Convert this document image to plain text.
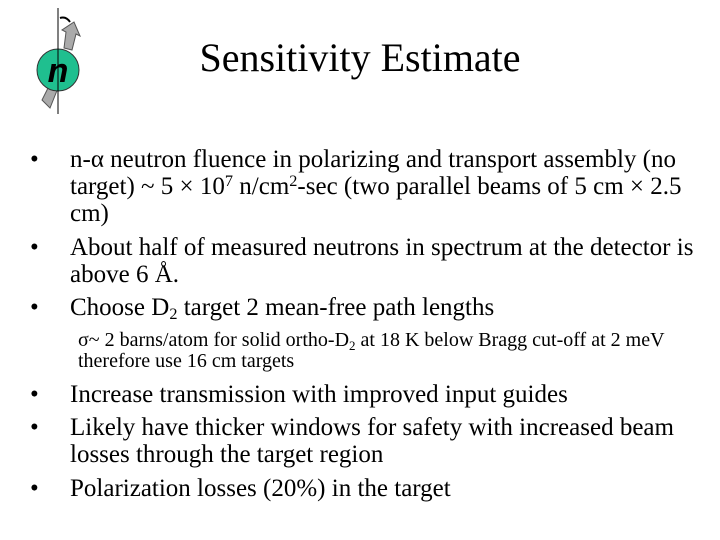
n	Sensitivity Estimate
• n-α neutron fluence in polarizing and transport assembly (no target) ~ $5 \times 10^7$ $n/cm^2-\sec$ (two parallel beams of 5 cm × 2.5 cm)
• About half of measured neutrons in spectrum at the detector is above 6 Å.
• Choose $D_2$ target 2 mean-free path lengths
σ~ 2 barns/atom for solid ortho-$D_2$ at 18 K below Bragg cut-off at 2 meV therefore use 16 cm targets
• Increase transmission with improved input guides
• Likely have thicker windows for safety with increased beam losses through the target region
• Polarization losses (20%) in the target
